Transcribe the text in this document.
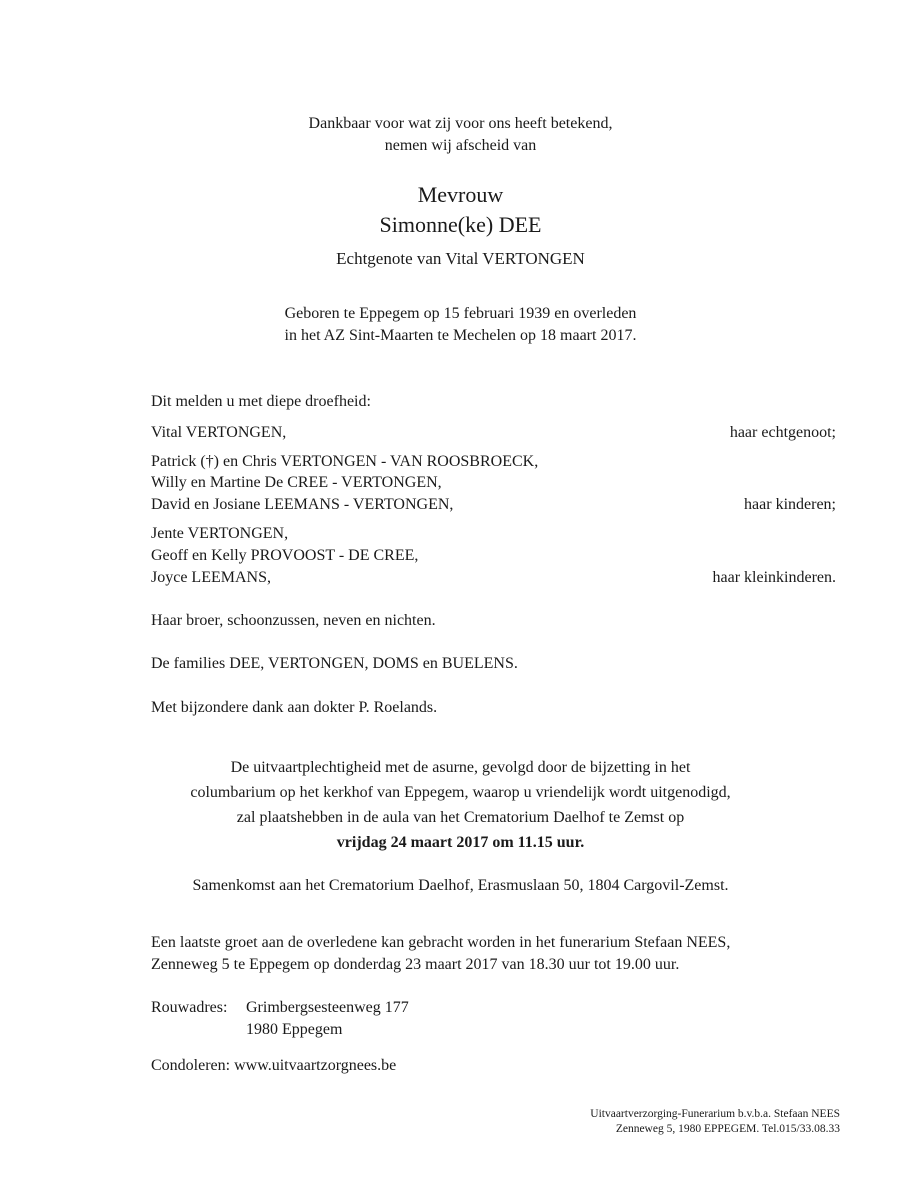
Dankbaar voor wat zij voor ons heeft betekend,
nemen wij afscheid van
Mevrouw
Simonne(ke) DEE
Echtgenote van Vital VERTONGEN
Geboren te Eppegem op 15 februari 1939 en overleden
in het AZ Sint-Maarten te Mechelen op 18 maart 2017.
Dit melden u met diepe droefheid:
Vital VERTONGEN,	haar echtgenoot;
Patrick (†) en Chris VERTONGEN - VAN ROOSBROECK,
Willy en Martine De CREE - VERTONGEN,
David en Josiane LEEMANS - VERTONGEN,	haar kinderen;
Jente VERTONGEN,
Geoff en Kelly PROVOOST - DE CREE,
Joyce LEEMANS,	haar kleinkinderen.
Haar broer, schoonzussen, neven en nichten.
De families DEE, VERTONGEN, DOMS en BUELENS.
Met bijzondere dank aan dokter P. Roelands.
De uitvaartplechtigheid met de asurne, gevolgd door de bijzetting in het
columbarium op het kerkhof van Eppegem, waarop u vriendelijk wordt uitgenodigd,
zal plaatshebben in de aula van het Crematorium Daelhof te Zemst op
vrijdag 24 maart 2017 om 11.15 uur.
Samenkomst aan het Crematorium Daelhof, Erasmuslaan 50, 1804 Cargovil-Zemst.
Een laatste groet aan de overledene kan gebracht worden in het funerarium Stefaan NEES,
Zenneweg 5 te Eppegem op donderdag 23 maart 2017 van 18.30 uur tot 19.00 uur.
Rouwadres: Grimbergsesteenweg 177
1980 Eppegem
Condoleren: www.uitvaartzorgnees.be
Uitvaartverzorging-Funerarium b.v.b.a. Stefaan NEES
Zenneweg 5, 1980 EPPEGEM. Tel.015/33.08.33
